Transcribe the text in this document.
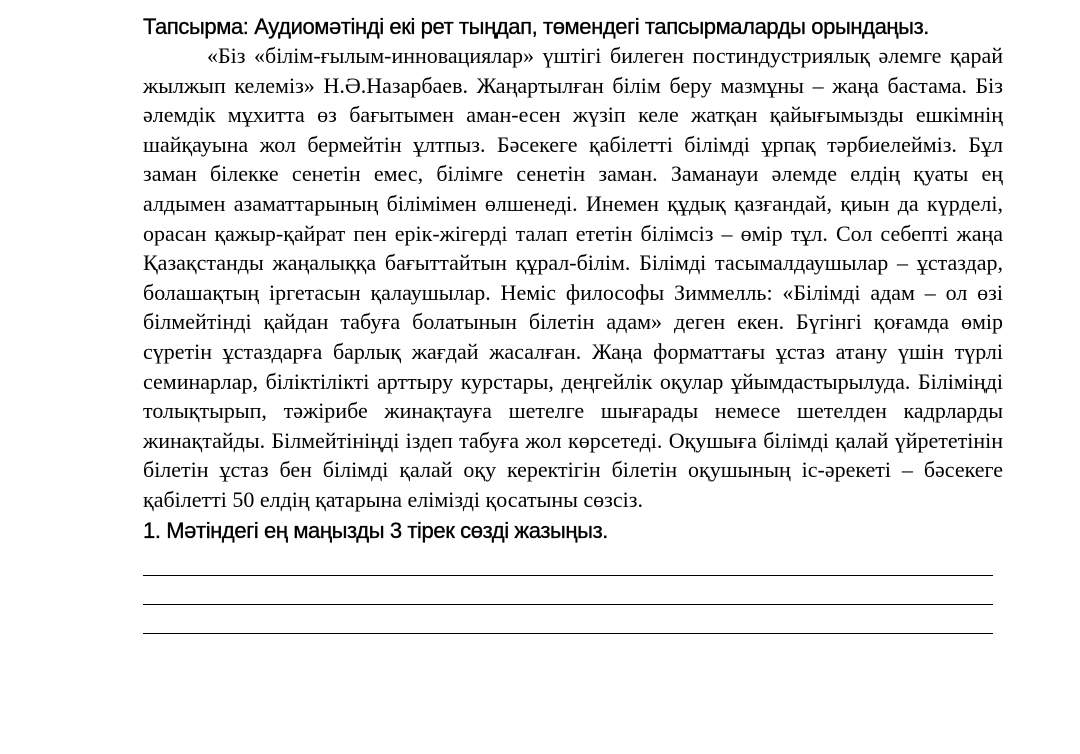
Тапсырма: Аудиомәтінді екі рет тыңдап, төмендегі тапсырмаларды орындаңыз.

«Біз «білім-ғылым-инновациялар» үштігі билеген постиндустриялық әлемге қарай жылжып келеміз» Н.Ә.Назарбаев. Жаңартылған білім беру мазмұны – жаңа бастама. Біз әлемдік мұхитта өз бағытымен аман-есен жүзіп келе жатқан қайығымызды ешкімнің шайқауына жол бермейтін ұлтпыз. Бәсекеге қабілетті білімді ұрпақ тәрбиелейміз. Бұл заман білекке сенетін емес, білімге сенетін заман. Заманауи әлемде елдің қуаты ең алдымен азаматтарының білімімен өлшенеді. Инемен құдық қазғандай, қиын да күрделі, орасан қажыр-қайрат пен ерік-жігерді талап ететін білімсіз – өмір тұл. Сол себепті жаңа Қазақстанды жаңалыққа бағыттайтын құрал-білім. Білімді тасымалдаушылар – ұстаздар, болашақтың іргетасын қалаушылар. Неміс философы Зиммелль: «Білімді адам – ол өзі білмейтінді қайдан табуға болатынын білетін адам» деген екен. Бүгінгі қоғамда өмір сүретін ұстаздарға барлық жағдай жасалған. Жаңа форматтағы ұстаз атану үшін түрлі семинарлар, біліктілікті арттыру курстары, деңгейлік оқулар ұйымдастырылуда. Біліміңді толықтырып, тәжірибе жинақтауға шетелге шығарады немесе шетелден кадрларды жинақтайды. Білмейтініңді іздеп табуға жол көрсетеді. Оқушыға білімді қалай үйрететінін білетін ұстаз бен білімді қалай оқу керектігін білетін оқушының іс-әрекеті – бәсекеге қабілетті 50 елдің қатарына елімізді қосатыны сөзсіз.

1. Мәтіндегі ең маңызды 3 тірек сөзді жазыңыз.
